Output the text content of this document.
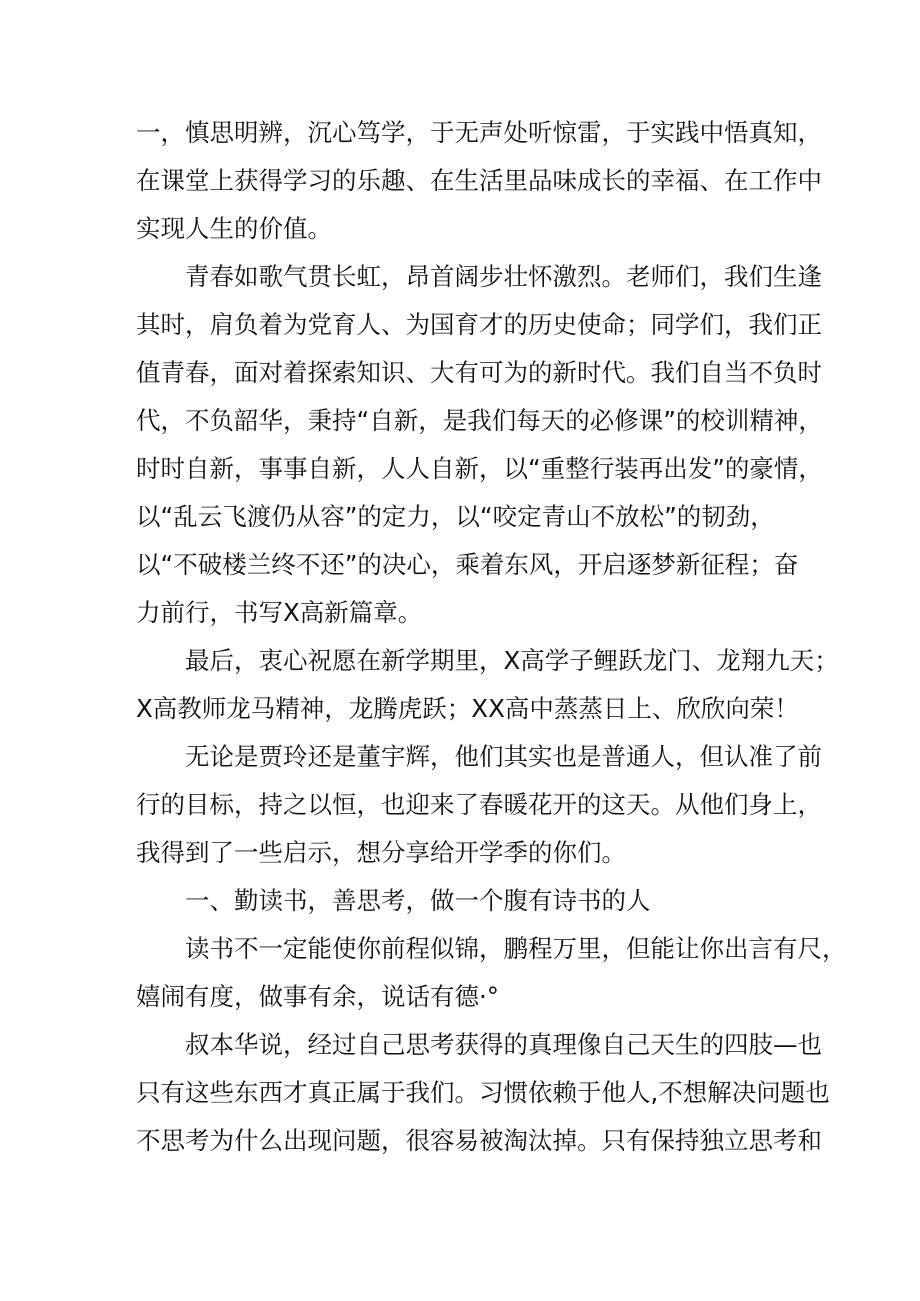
一，慎思明辨，沉心笃学，于无声处听惊雷，于实践中悟真知，
在课堂上获得学习的乐趣、在生活里品味成长的幸福、在工作中
实现人生的价值。
　　青春如歌气贯长虹，昂首阔步壮怀激烈。老师们，我们生逢
其时，肩负着为党育人、为国育才的历史使命；同学们，我们正
值青春，面对着探索知识、大有可为的新时代。我们自当不负时
代，不负韶华，秉持“自新，是我们每天的必修课”的校训精神，
时时自新，事事自新，人人自新，以“重整行装再出发”的豪情，
以“乱云飞渡仍从容”的定力，以“咬定青山不放松”的韧劲，
以“不破楼兰终不还”的决心，乘着东风，开启逐梦新征程；奋
力前行，书写X高新篇章。
　　最后，衷心祝愿在新学期里，X高学子鲤跃龙门、龙翔九天；
X高教师龙马精神，龙腾虎跃；XX高中蒸蒸日上、欣欣向荣！
　　无论是贾玲还是董宇辉，他们其实也是普通人，但认准了前
行的目标，持之以恒，也迎来了春暖花开的这天。从他们身上，
我得到了一些启示，想分享给开学季的你们。
　　一、勤读书，善思考，做一个腹有诗书的人
　　读书不一定能使你前程似锦，鹏程万里，但能让你出言有尺，
嬉闹有度，做事有余，说话有德·°
　　叔本华说，经过自己思考获得的真理像自己天生的四肢—也
只有这些东西才真正属于我们。习惯依赖于他人,不想解决问题也
不思考为什么出现问题，很容易被淘汰掉。只有保持独立思考和
